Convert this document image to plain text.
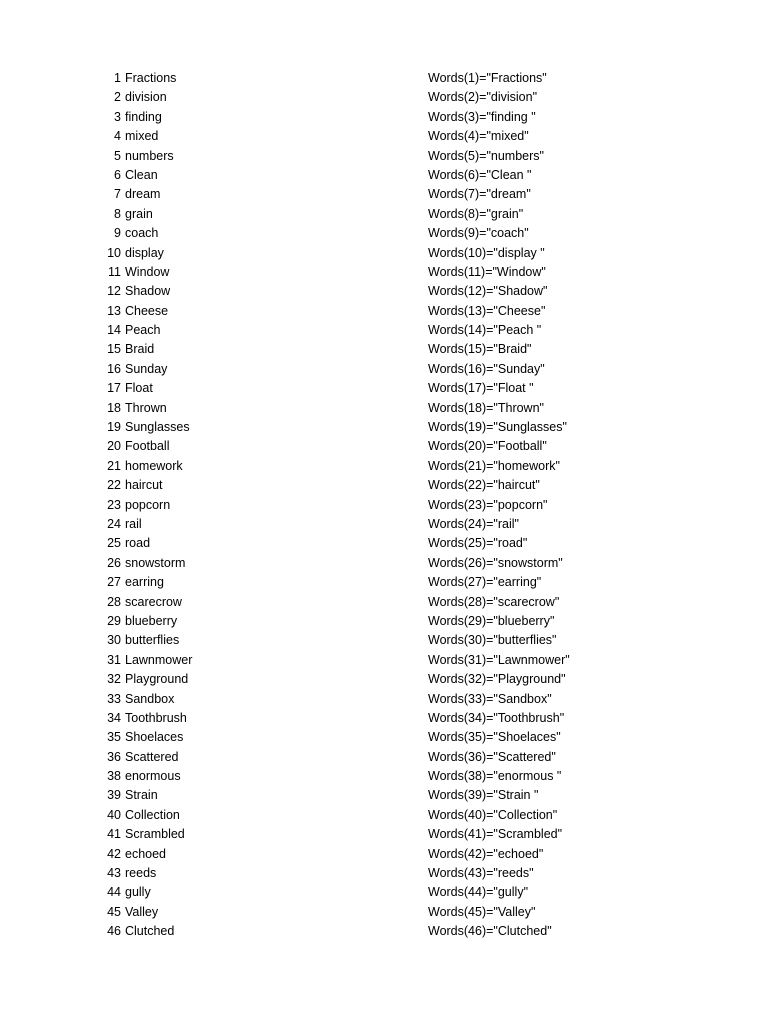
1 Fractions	Words(1)="Fractions"
2 division	Words(2)="division"
3 finding	Words(3)="finding "
4 mixed	Words(4)="mixed"
5 numbers	Words(5)="numbers"
6 Clean	Words(6)="Clean "
7 dream	Words(7)="dream"
8 grain	Words(8)="grain"
9 coach	Words(9)="coach"
10 display	Words(10)="display "
11 Window	Words(11)="Window"
12 Shadow	Words(12)="Shadow"
13 Cheese	Words(13)="Cheese"
14 Peach	Words(14)="Peach "
15 Braid	Words(15)="Braid"
16 Sunday	Words(16)="Sunday"
17 Float	Words(17)="Float "
18 Thrown	Words(18)="Thrown"
19 Sunglasses	Words(19)="Sunglasses"
20 Football	Words(20)="Football"
21 homework	Words(21)="homework"
22 haircut	Words(22)="haircut"
23 popcorn	Words(23)="popcorn"
24 rail	Words(24)="rail"
25 road	Words(25)="road"
26 snowstorm	Words(26)="snowstorm"
27 earring	Words(27)="earring"
28 scarecrow	Words(28)="scarecrow"
29 blueberry	Words(29)="blueberry"
30 butterflies	Words(30)="butterflies"
31 Lawnmower	Words(31)="Lawnmower"
32 Playground	Words(32)="Playground"
33 Sandbox	Words(33)="Sandbox"
34 Toothbrush	Words(34)="Toothbrush"
35 Shoelaces	Words(35)="Shoelaces"
36 Scattered	Words(36)="Scattered"
38 enormous	Words(38)="enormous "
39 Strain	Words(39)="Strain "
40 Collection	Words(40)="Collection"
41 Scrambled	Words(41)="Scrambled"
42 echoed	Words(42)="echoed"
43 reeds	Words(43)="reeds"
44 gully	Words(44)="gully"
45 Valley	Words(45)="Valley"
46 Clutched	Words(46)="Clutched"
